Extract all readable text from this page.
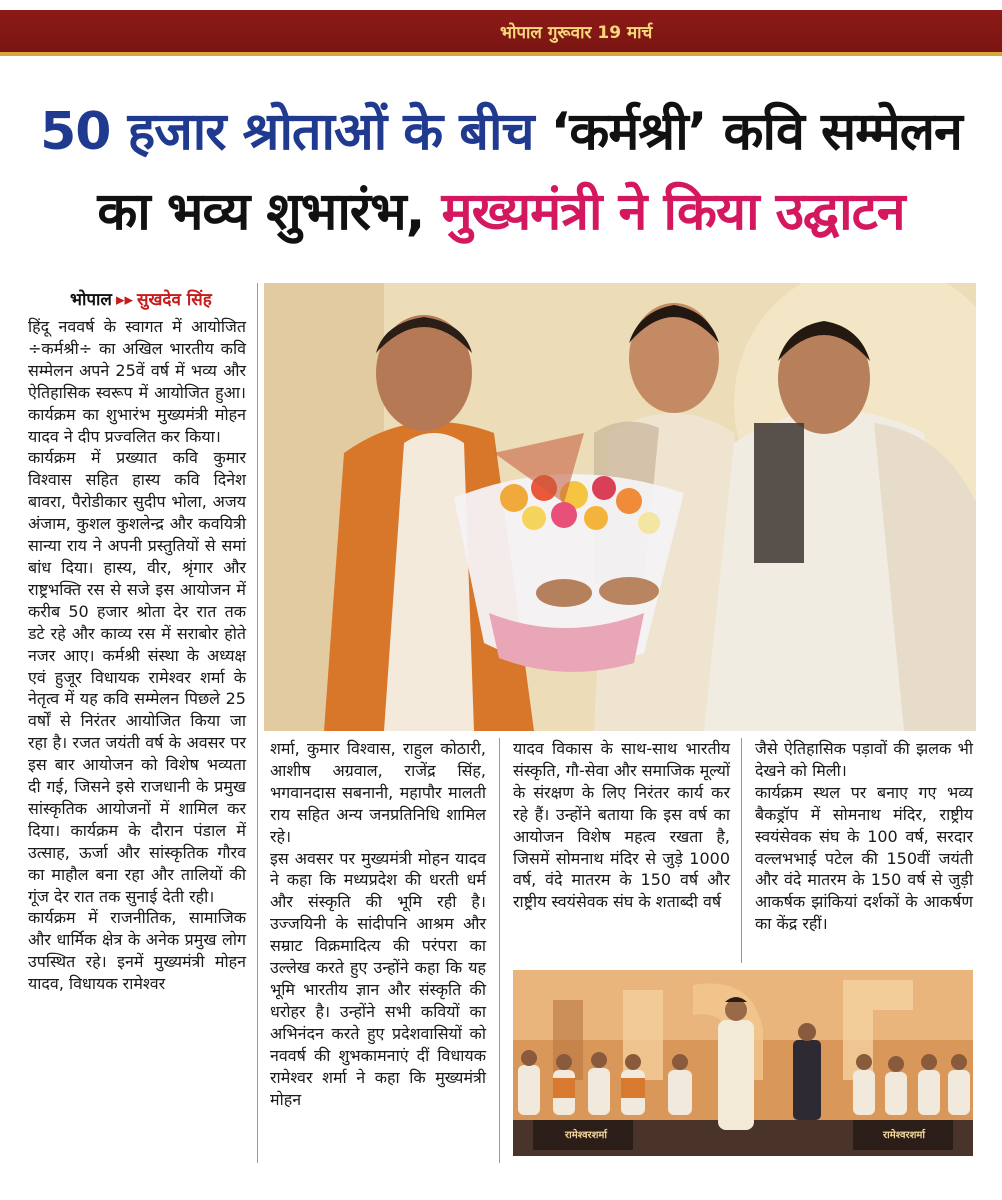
भोपाल गुरूवार 19 मार्च
50 हजार श्रोताओं के बीच ‘कर्मश्री’ कवि सम्मेलन
का भव्य शुभारंभ, मुख्यमंत्री ने किया उद्घाटन
भोपाल ▸▸ सुखदेव सिंह

हिंदू नववर्ष के स्वागत में आयोजित ÷कर्मश्री÷ का अखिल भारतीय कवि सम्मेलन अपने 25वें वर्ष में भव्य और ऐतिहासिक स्वरूप में आयोजित हुआ। कार्यक्रम का शुभारंभ मुख्यमंत्री मोहन यादव ने दीप प्रज्वलित कर किया।

कार्यक्रम में प्रख्यात कवि कुमार विश्वास सहित हास्य कवि दिनेश बावरा, पैरोडीकार सुदीप भोला, अजय अंजाम, कुशल कुशलेन्द्र और कवयित्री सान्या राय ने अपनी प्रस्तुतियों से समां बांध दिया। हास्य, वीर, श्रृंगार और राष्ट्रभक्ति रस से सजे इस आयोजन में करीब 50 हजार श्रोता देर रात तक डटे रहे और काव्य रस में सराबोर होते नजर आए। कर्मश्री संस्था के अध्यक्ष एवं हुजूर विधायक रामेश्वर शर्मा के नेतृत्व में यह कवि सम्मेलन पिछले 25 वर्षों से निरंतर आयोजित किया जा रहा है। रजत जयंती वर्ष के अवसर पर इस बार आयोजन को विशेष भव्यता दी गई, जिसने इसे राजधानी के प्रमुख सांस्कृतिक आयोजनों में शामिल कर दिया। कार्यक्रम के दौरान पंडाल में उत्साह, ऊर्जा और सांस्कृतिक गौरव का माहौल बना रहा और तालियों की गूंज देर रात तक सुनाई देती रही।

कार्यक्रम में राजनीतिक, सामाजिक और धार्मिक क्षेत्र के अनेक प्रमुख लोग उपस्थित रहे। इनमें मुख्यमंत्री मोहन यादव, विधायक रामेश्वर

शर्मा, कुमार विश्वास, राहुल कोठारी, आशीष अग्रवाल, राजेंद्र सिंह, भगवानदास सबनानी, महापौर मालती राय सहित अन्य जनप्रतिनिधि शामिल रहे।

इस अवसर पर मुख्यमंत्री मोहन यादव ने कहा कि मध्यप्रदेश की धरती धर्म और संस्कृति की भूमि रही है। उज्जयिनी के सांदीपनि आश्रम और सम्राट विक्रमादित्य की परंपरा का उल्लेख करते हुए उन्होंने कहा कि यह भूमि भारतीय ज्ञान और संस्कृति की धरोहर है। उन्होंने सभी कवियों का अभिनंदन करते हुए प्रदेशवासियों को नववर्ष की शुभकामनाएं दीं विधायक रामेश्वर शर्मा ने कहा कि मुख्यमंत्री मोहन

यादव विकास के साथ-साथ भारतीय संस्कृति, गौ-सेवा और समाजिक मूल्यों के संरक्षण के लिए निरंतर कार्य कर रहे हैं। उन्होंने बताया कि इस वर्ष का आयोजन विशेष महत्व रखता है, जिसमें सोमनाथ मंदिर से जुड़े 1000 वर्ष, वंदे मातरम के 150 वर्ष और राष्ट्रीय स्वयंसेवक संघ के शताब्दी वर्ष

जैसे ऐतिहासिक पड़ावों की झलक भी देखने को मिली।

कार्यक्रम स्थल पर बनाए गए भव्य बैकड्रॉप में सोमनाथ मंदिर, राष्ट्रीय स्वयंसेवक संघ के 100 वर्ष, सरदार वल्लभभाई पटेल की 150वीं जयंती और वंदे मातरम के 150 वर्ष से जुड़ी आकर्षक झांकियां दर्शकों के आकर्षण का केंद्र रहीं।

रामेश्वरशर्मा	रामेश्वरशर्मा
